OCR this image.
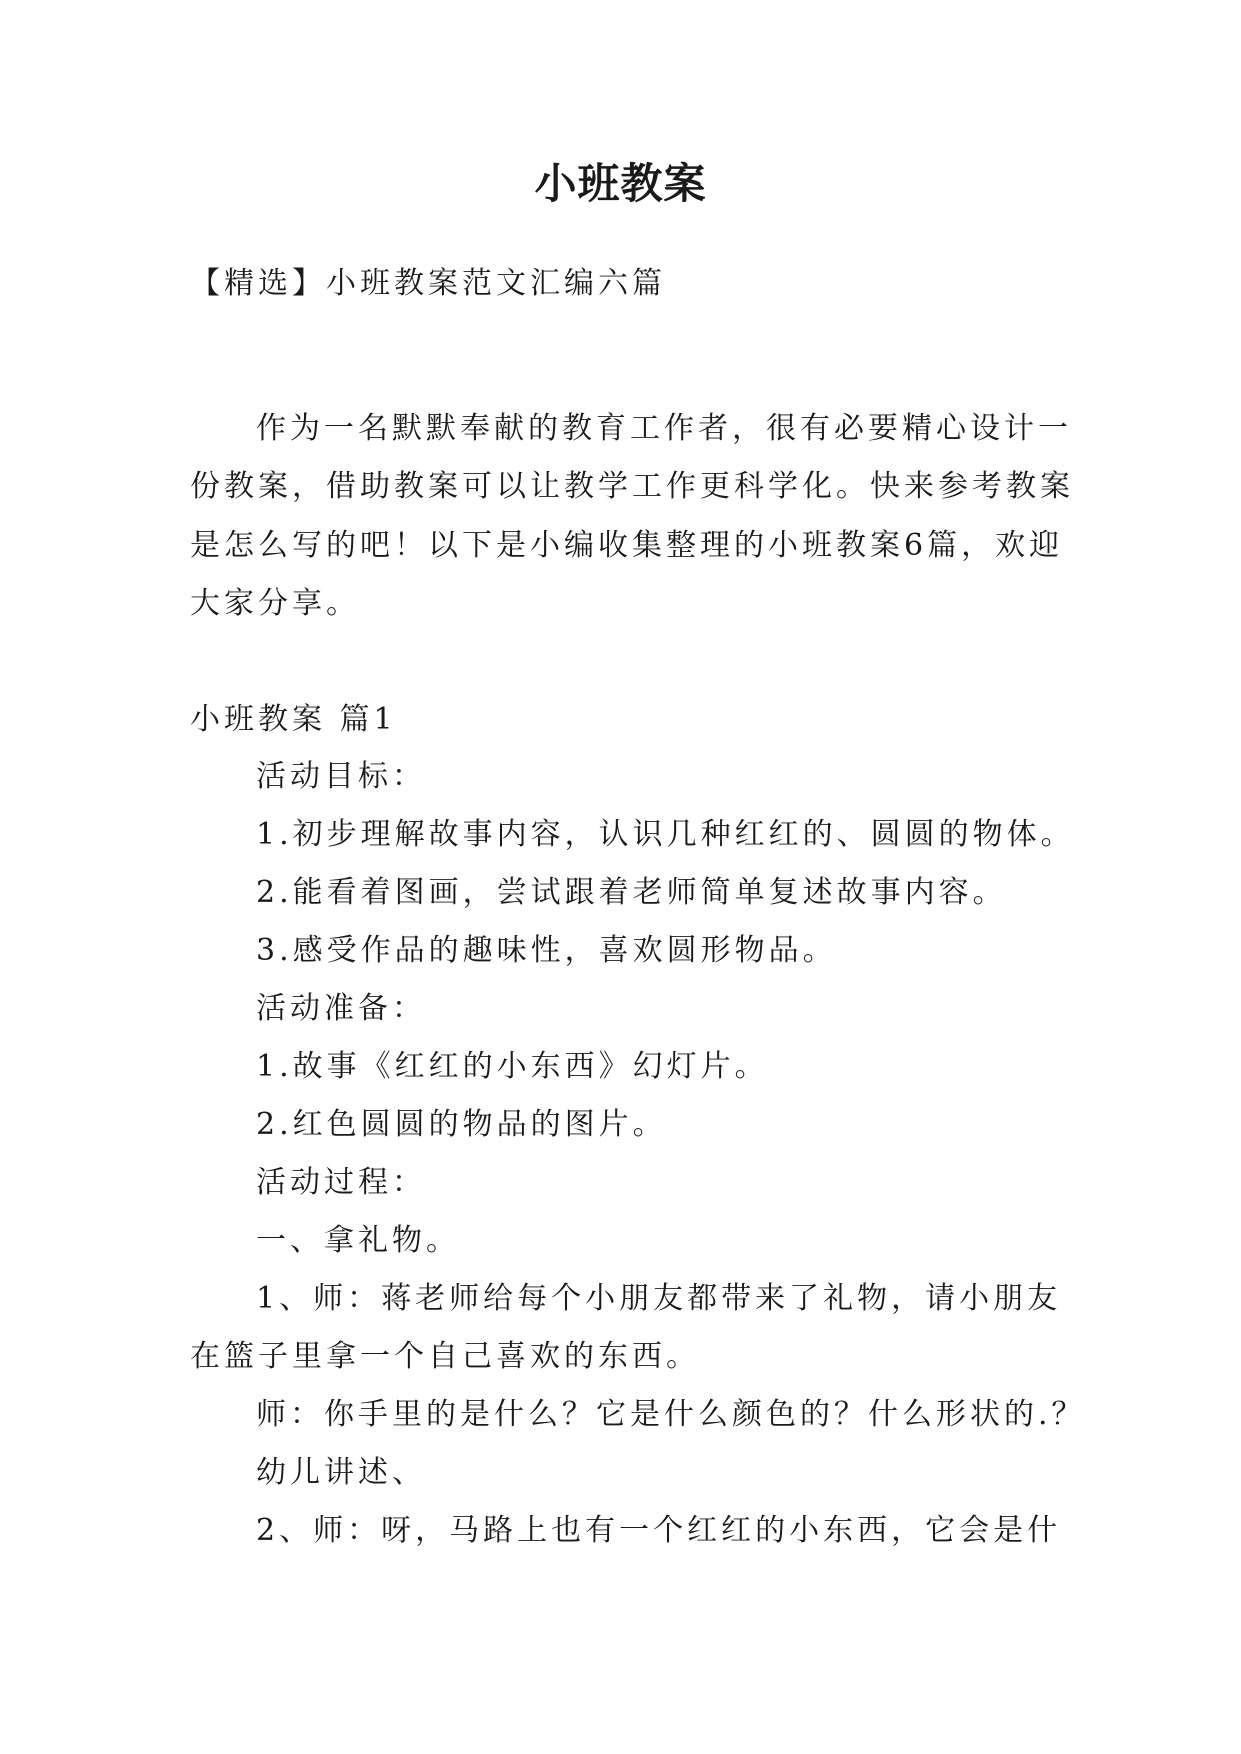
小班教案
【精选】小班教案范文汇编六篇
作为一名默默奉献的教育工作者，很有必要精心设计一
份教案，借助教案可以让教学工作更科学化。快来参考教案
是怎么写的吧！以下是小编收集整理的小班教案6篇，欢迎
大家分享。
小班教案 篇1
活动目标：
1.初步理解故事内容，认识几种红红的、圆圆的物体。
2.能看着图画，尝试跟着老师简单复述故事内容。
3.感受作品的趣味性，喜欢圆形物品。
活动准备：
1.故事《红红的小东西》幻灯片。
2.红色圆圆的物品的图片。
活动过程：
一、拿礼物。
1、师：蒋老师给每个小朋友都带来了礼物，请小朋友
在篮子里拿一个自己喜欢的东西。
师：你手里的是什么？它是什么颜色的？什么形状的.？
幼儿讲述、
2、师：呀，马路上也有一个红红的小东西，它会是什
